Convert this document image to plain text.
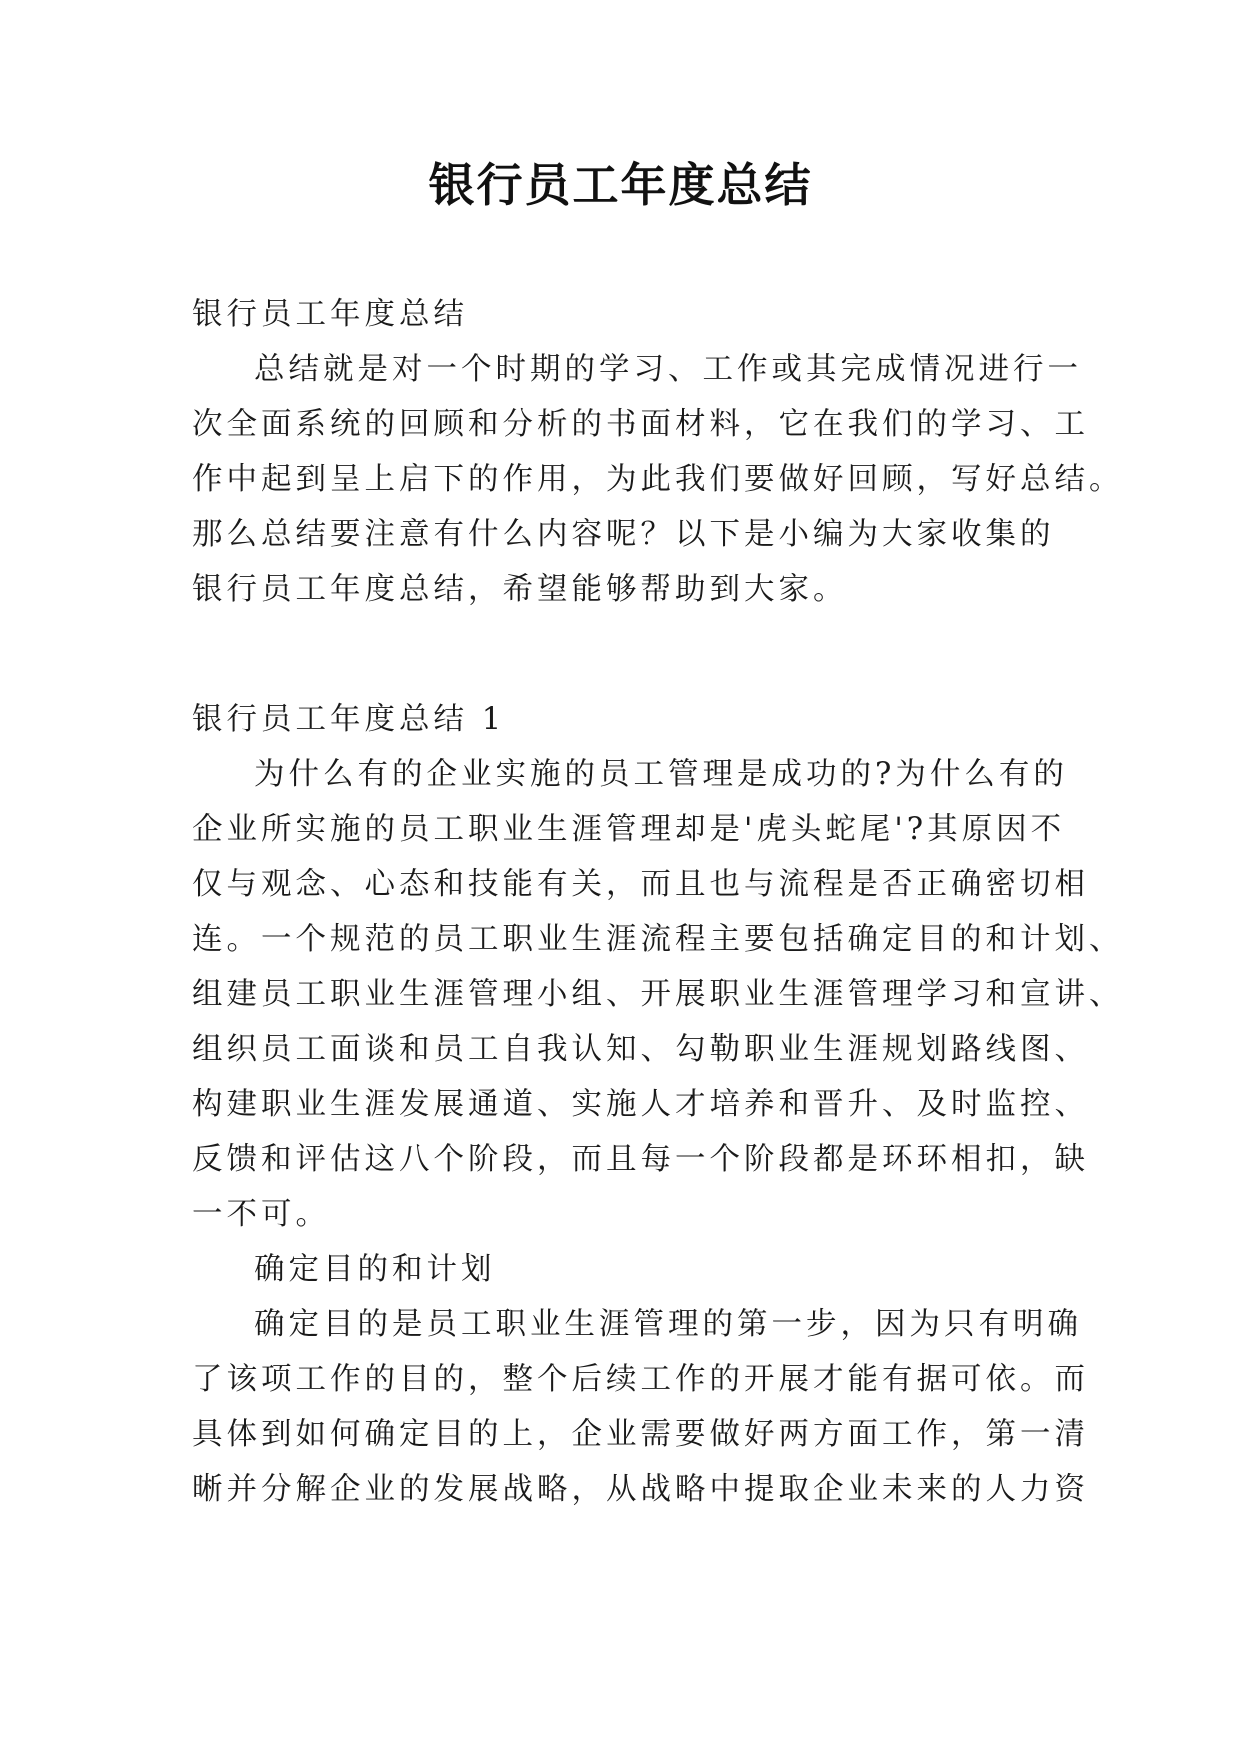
银行员工年度总结

银行员工年度总结

总结就是对一个时期的学习、工作或其完成情况进行一

次全面系统的回顾和分析的书面材料，它在我们的学习、工

作中起到呈上启下的作用，为此我们要做好回顾，写好总结。

那么总结要注意有什么内容呢？以下是小编为大家收集的

银行员工年度总结，希望能够帮助到大家。

银行员工年度总结 1

为什么有的企业实施的员工管理是成功的?为什么有的

企业所实施的员工职业生涯管理却是'虎头蛇尾'?其原因不

仅与观念、心态和技能有关，而且也与流程是否正确密切相

连。一个规范的员工职业生涯流程主要包括确定目的和计划、

组建员工职业生涯管理小组、开展职业生涯管理学习和宣讲、

组织员工面谈和员工自我认知、勾勒职业生涯规划路线图、

构建职业生涯发展通道、实施人才培养和晋升、及时监控、

反馈和评估这八个阶段，而且每一个阶段都是环环相扣，缺

一不可。

确定目的和计划

确定目的是员工职业生涯管理的第一步，因为只有明确

了该项工作的目的，整个后续工作的开展才能有据可依。而

具体到如何确定目的上，企业需要做好两方面工作，第一清

晰并分解企业的发展战略，从战略中提取企业未来的人力资
